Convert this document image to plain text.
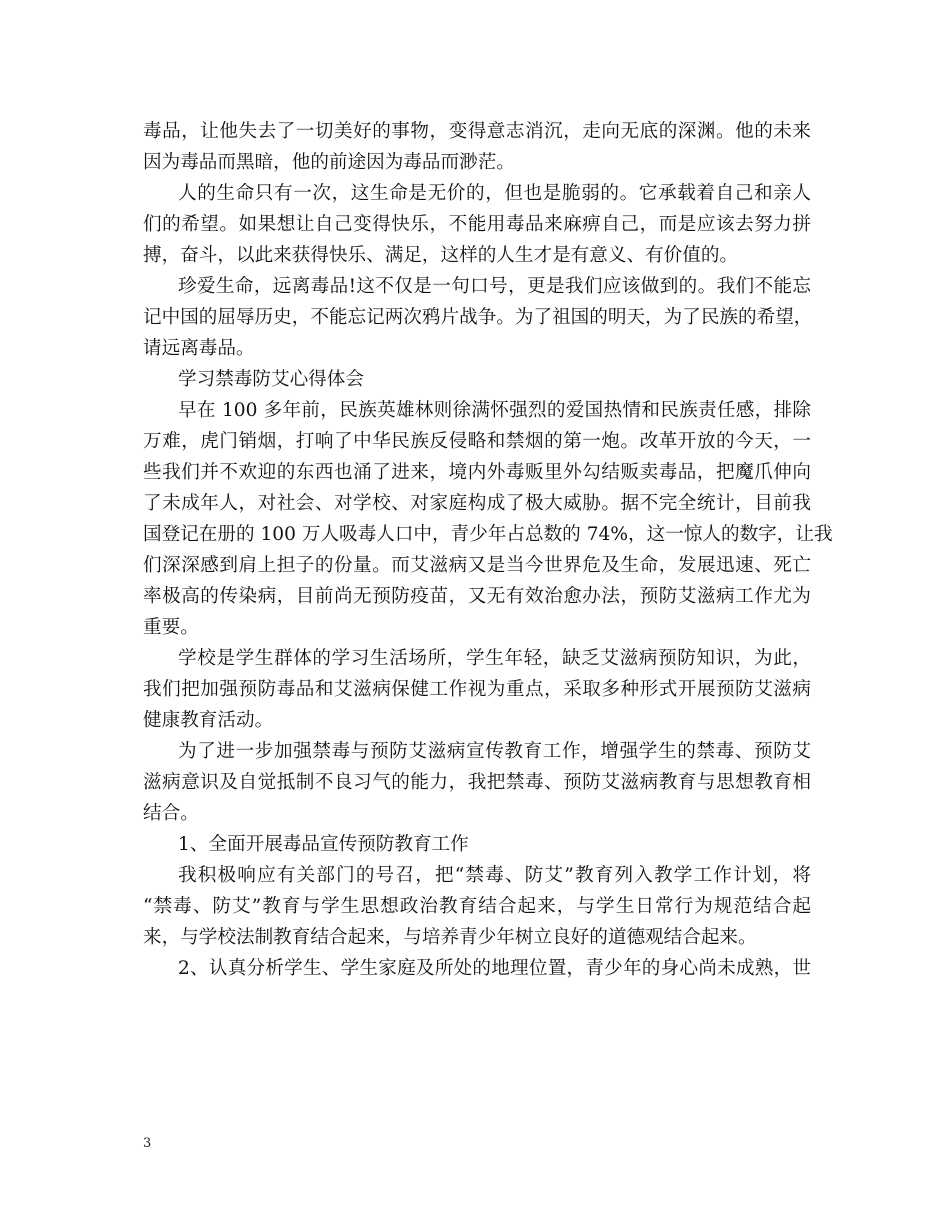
毒品，让他失去了一切美好的事物，变得意志消沉，走向无底的深渊。他的未来
因为毒品而黑暗，他的前途因为毒品而渺茫。
人的生命只有一次，这生命是无价的，但也是脆弱的。它承载着自己和亲人
们的希望。如果想让自己变得快乐，不能用毒品来麻痹自己，而是应该去努力拼
搏，奋斗，以此来获得快乐、满足，这样的人生才是有意义、有价值的。
珍爱生命，远离毒品!这不仅是一句口号，更是我们应该做到的。我们不能忘
记中国的屈辱历史，不能忘记两次鸦片战争。为了祖国的明天，为了民族的希望，
请远离毒品。
学习禁毒防艾心得体会
早在 100 多年前，民族英雄林则徐满怀强烈的爱国热情和民族责任感，排除
万难，虎门销烟，打响了中华民族反侵略和禁烟的第一炮。改革开放的今天，一
些我们并不欢迎的东西也涌了进来，境内外毒贩里外勾结贩卖毒品，把魔爪伸向
了未成年人，对社会、对学校、对家庭构成了极大威胁。据不完全统计，目前我
国登记在册的 100 万人吸毒人口中，青少年占总数的 74%，这一惊人的数字，让我
们深深感到肩上担子的份量。而艾滋病又是当今世界危及生命，发展迅速、死亡
率极高的传染病，目前尚无预防疫苗，又无有效治愈办法，预防艾滋病工作尤为
重要。
学校是学生群体的学习生活场所，学生年轻，缺乏艾滋病预防知识，为此，
我们把加强预防毒品和艾滋病保健工作视为重点，采取多种形式开展预防艾滋病
健康教育活动。
为了进一步加强禁毒与预防艾滋病宣传教育工作，增强学生的禁毒、预防艾
滋病意识及自觉抵制不良习气的能力，我把禁毒、预防艾滋病教育与思想教育相
结合。
1、全面开展毒品宣传预防教育工作
我积极响应有关部门的号召，把“禁毒、防艾”教育列入教学工作计划，将
“禁毒、防艾”教育与学生思想政治教育结合起来，与学生日常行为规范结合起
来，与学校法制教育结合起来，与培养青少年树立良好的道德观结合起来。
2、认真分析学生、学生家庭及所处的地理位置，青少年的身心尚未成熟，世
3
